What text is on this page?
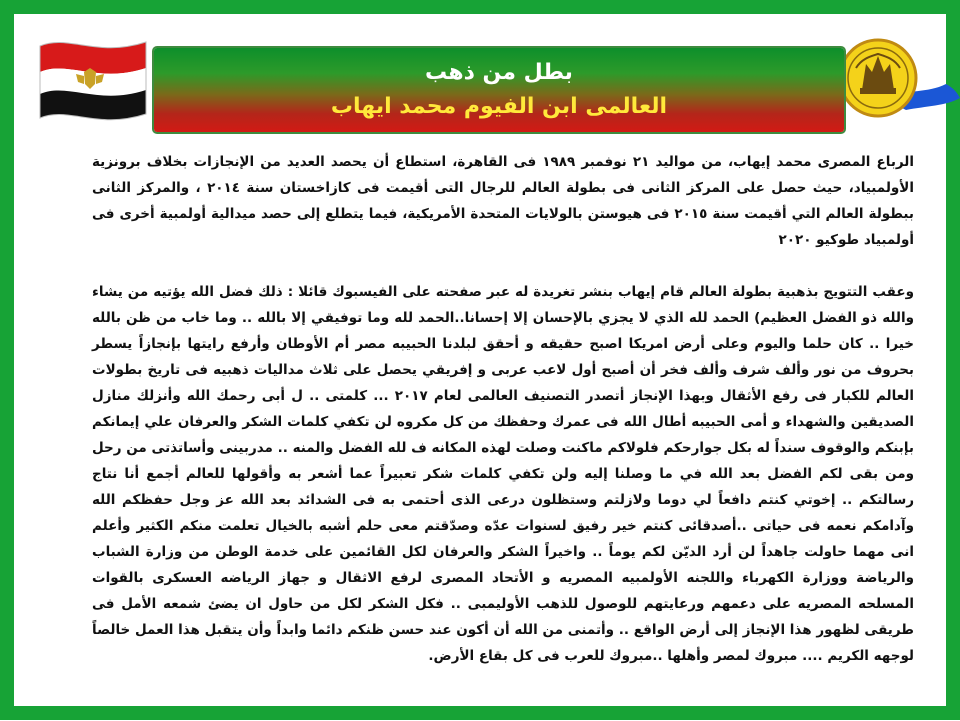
بطل من ذهب
العالمى ابن الفيوم محمد ايهاب

الرباع المصرى محمد إيهاب، من مواليد ٢١ نوفمبر ١٩٨٩ فى القاهرة، استطاع أن يحصد العديد من الإنجازات بخلاف برونزية الأولمبياد، حيث حصل على المركز الثانى فى بطولة العالم للرجال التى أقيمت فى كازاخستان سنة ٢٠١٤ ، والمركز الثانى ببطولة العالم التي أقيمت سنة ٢٠١٥ فى هيوستن بالولايات المتحدة الأمريكية، فيما يتطلع إلى حصد ميدالية أولمبية أخرى فى أولمبياد طوكيو ٢٠٢٠

وعقب التتويج بذهبية بطولة العالم قام إيهاب بنشر تغريدة له عبر صفحته على الفيسبوك قائلا : ذلك فضل الله يؤتيه من يشاء والله ذو الفضل العظيم) الحمد لله الذي لا يجزي بالإحسان إلا إحسانا..الحمد لله وما توفيقي إلا بالله .. وما خاب من ظن بالله خيرا .. كان حلما واليوم وعلى أرض امريكا اصبح حقيقه و أحقق لبلدنا الحبيبه مصر أم الأوطان وأرفع رايتها بإنجازاً يسطر بحروف من نور وألف شرف وألف فخر أن أصبح أول لاعب عربى و إفريقي يحصل على ثلاث مداليات ذهبيه فى تاريخ بطولات العالم للكبار فى رفع الأثقال وبهذا الإنجاز أتصدر التصنيف العالمى لعام ٢٠١٧ ... كلمتى .. ل أبى رحمك الله وأنزلك منازل الصديقين والشهداء و أمى الحبيبه أطال الله فى عمرك وحفظك من كل مكروه لن تكفي كلمات الشكر والعرفان علي إيمانكم بإبنكم والوقوف سنداً له بكل جوارحكم فلولاكم ماكنت وصلت لهذه المكانه ف لله الفضل والمنه .. مدربينى وأساتذتى من رحل ومن بقى لكم الفضل بعد الله في ما وصلنا إليه ولن تكفي كلمات شكر تعبيراً عما أشعر به وأقولها للعالم أجمع أنا نتاج رسالتكم .. إخوتي كنتم دافعاً لي دوما ولازلتم وستظلون درعى الذى أحتمى به فى الشدائد بعد الله عز وجل حفظكم الله وآدامكم نعمه فى حياتى ..أصدقائى كنتم خير رفيق لسنوات عدّه وصدّقتم معى حلم أشبه بالخيال تعلمت منكم الكثير وأعلم انى مهما حاولت جاهداً لن أرد الديّن لكم يوماً .. واخيراً الشكر والعرفان لكل القائمين على خدمة الوطن من وزارة الشباب والرياضة ووزارة الكهرباء واللجنه الأولمبيه المصريه و الأتحاد المصرى لرفع الاثقال و جهاز الرياضه العسكرى بالقوات المسلحه المصريه على دعمهم ورعايتهم للوصول للذهب الأوليمبى .. فكل الشكر لكل من حاول ان يضئ شمعه الأمل فى طريقى لظهور هذا الإنجاز إلى أرض الواقع .. وأتمنى من الله أن أكون عند حسن ظنكم دائما وابداً وأن يتقبل هذا العمل خالصاً لوجهه الكريم .... مبروك لمصر وأهلها ..مبروك للعرب فى كل بقاع الأرض.
